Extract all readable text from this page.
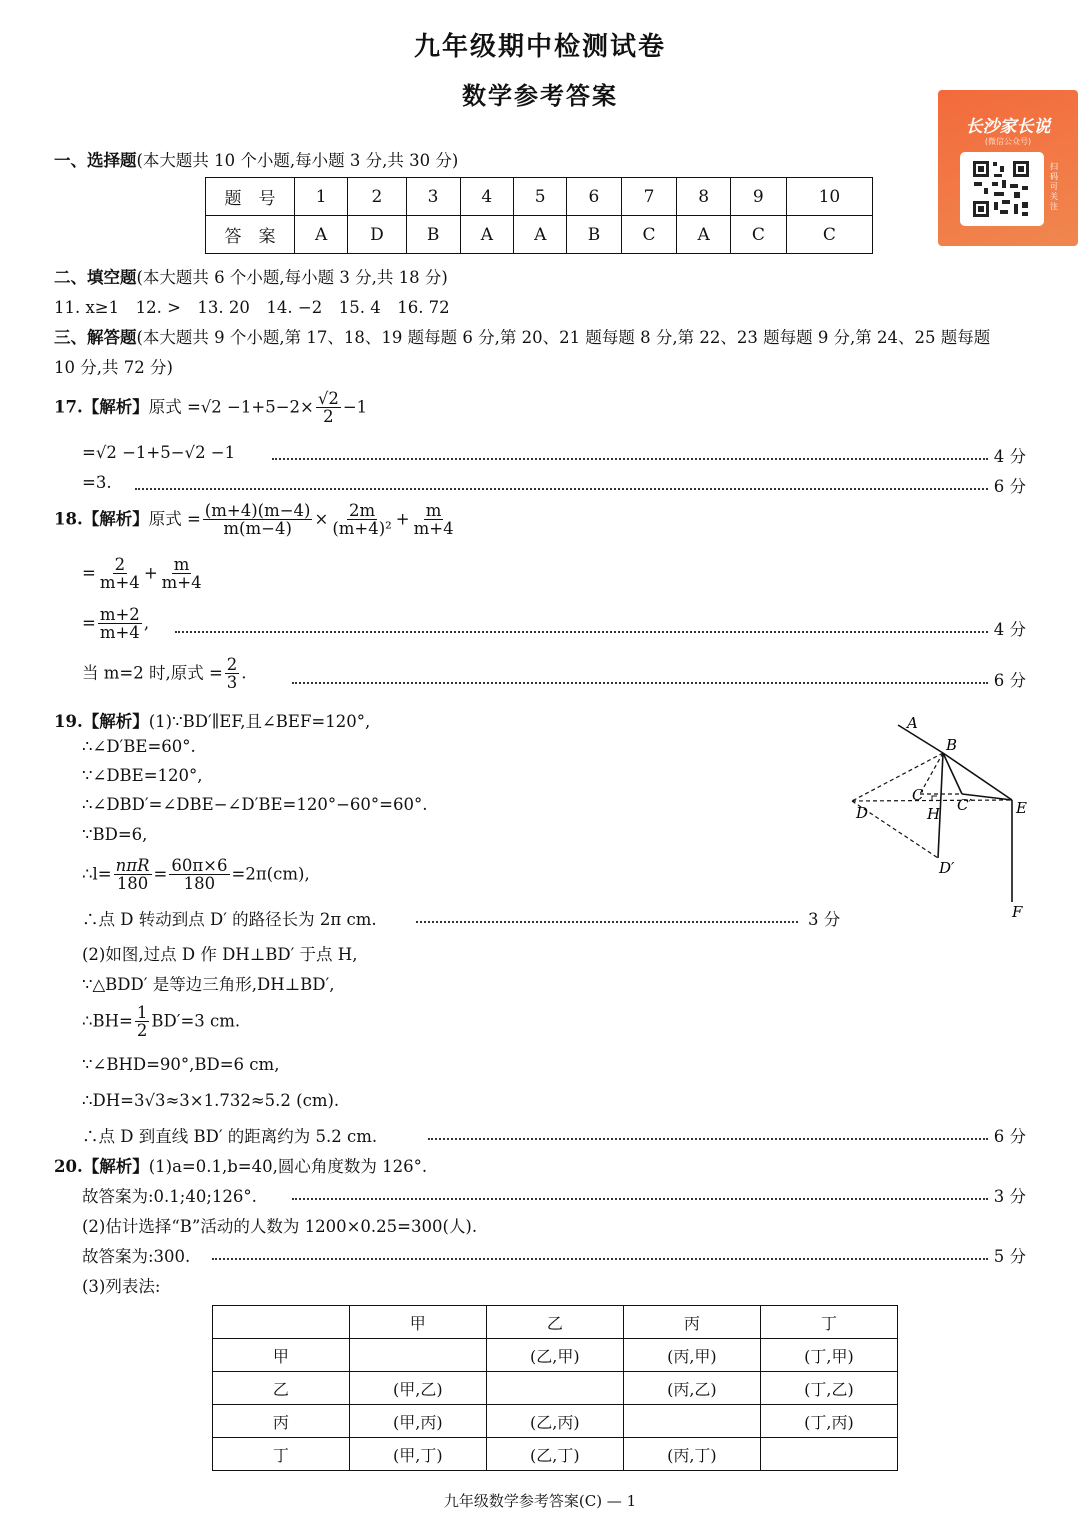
九年级期中检测试卷
数学参考答案
长沙家长说
(微信公众号)
扫码可关注
一、选择题(本大题共 10 个小题,每小题 3 分,共 30 分)
题　号	1	2	3	4	5	6	7	8	9	10
答　案	A	D	B	A	A	B	C	A	C	C
二、填空题(本大题共 6 个小题,每小题 3 分,共 18 分)
11. x≥1　12. >　13. 20　14. −2　15. 4　16. 72
三、解答题(本大题共 9 个小题,第 17、18、19 题每题 6 分,第 20、21 题每题 8 分,第 22、23 题每题 9 分,第 24、25 题每题
10 分,共 72 分)
17.【解析】原式 $=√2 -1+5-2\times \frac{√2}{2} -1$
=√2 −1+5−√2 −1	4 分
=3.	6 分
18.【解析】原式 = $\frac{(m+4)(m-4)}{m(m-4)} \times \frac{2m}{\text{(m+4)²}} + \frac{m}{m+4}$
= $\frac{2}{m+4} + \frac{m}{m+4}$
= $\frac{m+2}{m+4}$ ,	4 分
当 m=2 时,原式 = $\frac{2}{3}$ .	6 分
19.【解析】(1)∵BD′∥EF,且∠BEF=120°,
∴∠D′BE=60°.
∵∠DBE=120°,
∴∠DBD′=∠DBE−∠D′BE=120°−60°=60°.
∵BD=6,
∴l= $\frac{\text{nπR}}{180} = \frac{60\pi\times 6}{180} =2\pi(cm)$,
∴点 D 转动到点 D′ 的路径长为 2π cm.	3 分
(2)如图,过点 D 作 DH⊥BD′ 于点 H,
∵△BDD′ 是等边三角形,DH⊥BD′,
∴BH= $\frac{1}{2} BD'=3$ cm.
∵∠BHD=90°,BD=6 cm,
∴DH=3√3≈3×1.732≈5.2 (cm).
∴点 D 到直线 BD′ 的距离约为 5.2 cm.	6 分
A
B
C
C′
D	H	E
D′
F
20.【解析】(1)a=0.1,b=40,圆心角度数为 126°.
故答案为:0.1;40;126°.	3 分
(2)估计选择“B”活动的人数为 1200×0.25=300(人).
故答案为:300.	5 分
(3)列表法:
	甲	乙	丙	丁
甲		(乙,甲)	(丙,甲)	(丁,甲)
乙	(甲,乙)		(丙,乙)	(丁,乙)
丙	(甲,丙)	(乙,丙)		(丁,丙)
丁	(甲,丁)	(乙,丁)	(丙,丁)	
九年级数学参考答案(C) — 1
